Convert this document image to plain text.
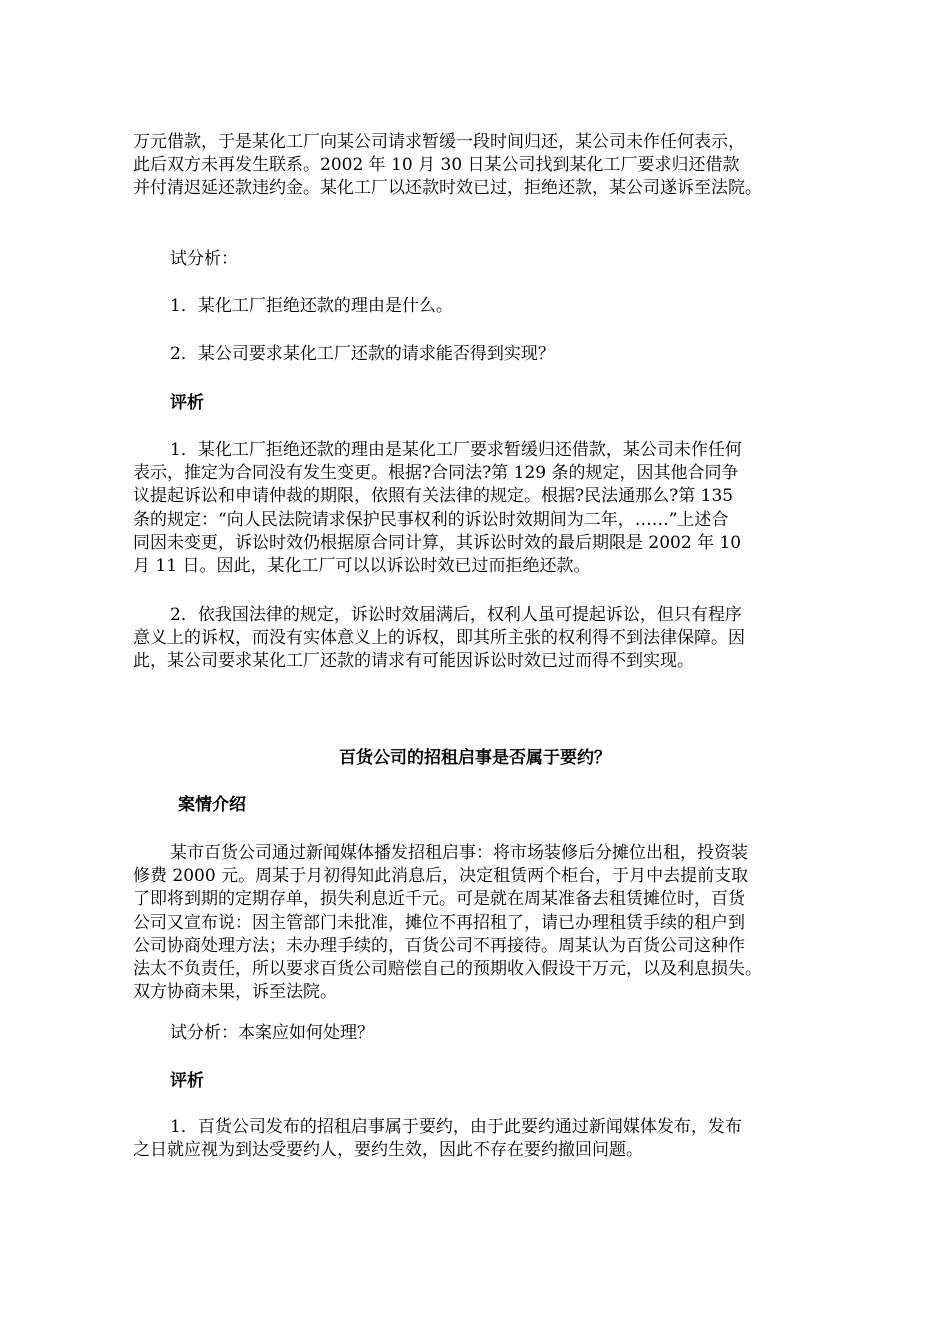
万元借款，于是某化工厂向某公司请求暂缓一段时间归还，某公司未作任何表示，
此后双方未再发生联系。2002 年 10 月 30 日某公司找到某化工厂要求归还借款
并付清迟延还款违约金。某化工厂以还款时效已过，拒绝还款，某公司遂诉至法院。
试分析：
1．某化工厂拒绝还款的理由是什么。
2．某公司要求某化工厂还款的请求能否得到实现？
评析
1．某化工厂拒绝还款的理由是某化工厂要求暂缓归还借款，某公司未作任何
表示，推定为合同没有发生变更。根据?合同法?第 129 条的规定，因其他合同争
议提起诉讼和申请仲裁的期限，依照有关法律的规定。根据?民法通那么?第 135
条的规定：“向人民法院请求保护民事权利的诉讼时效期间为二年，……”上述合
同因未变更，诉讼时效仍根据原合同计算，其诉讼时效的最后期限是 2002 年 10
月 11 日。因此，某化工厂可以以诉讼时效已过而拒绝还款。
2．依我国法律的规定，诉讼时效届满后，权利人虽可提起诉讼，但只有程序
意义上的诉权，而没有实体意义上的诉权，即其所主张的权利得不到法律保障。因
此，某公司要求某化工厂还款的请求有可能因诉讼时效已过而得不到实现。
百货公司的招租启事是否属于要约？
案情介绍
某市百货公司通过新闻媒体播发招租启事：将市场装修后分摊位出租，投资装
修费 2000 元。周某于月初得知此消息后，决定租赁两个柜台，于月中去提前支取
了即将到期的定期存单，损失利息近千元。可是就在周某准备去租赁摊位时，百货
公司又宣布说：因主管部门未批准，摊位不再招租了，请已办理租赁手续的租户到
公司协商处理方法；未办理手续的，百货公司不再接待。周某认为百货公司这种作
法太不负责任，所以要求百货公司赔偿自己的预期收入假设干万元，以及利息损失。
双方协商未果，诉至法院。
试分析：本案应如何处理？
评析
1．百货公司发布的招租启事属于要约，由于此要约通过新闻媒体发布，发布
之日就应视为到达受要约人，要约生效，因此不存在要约撤回问题。
